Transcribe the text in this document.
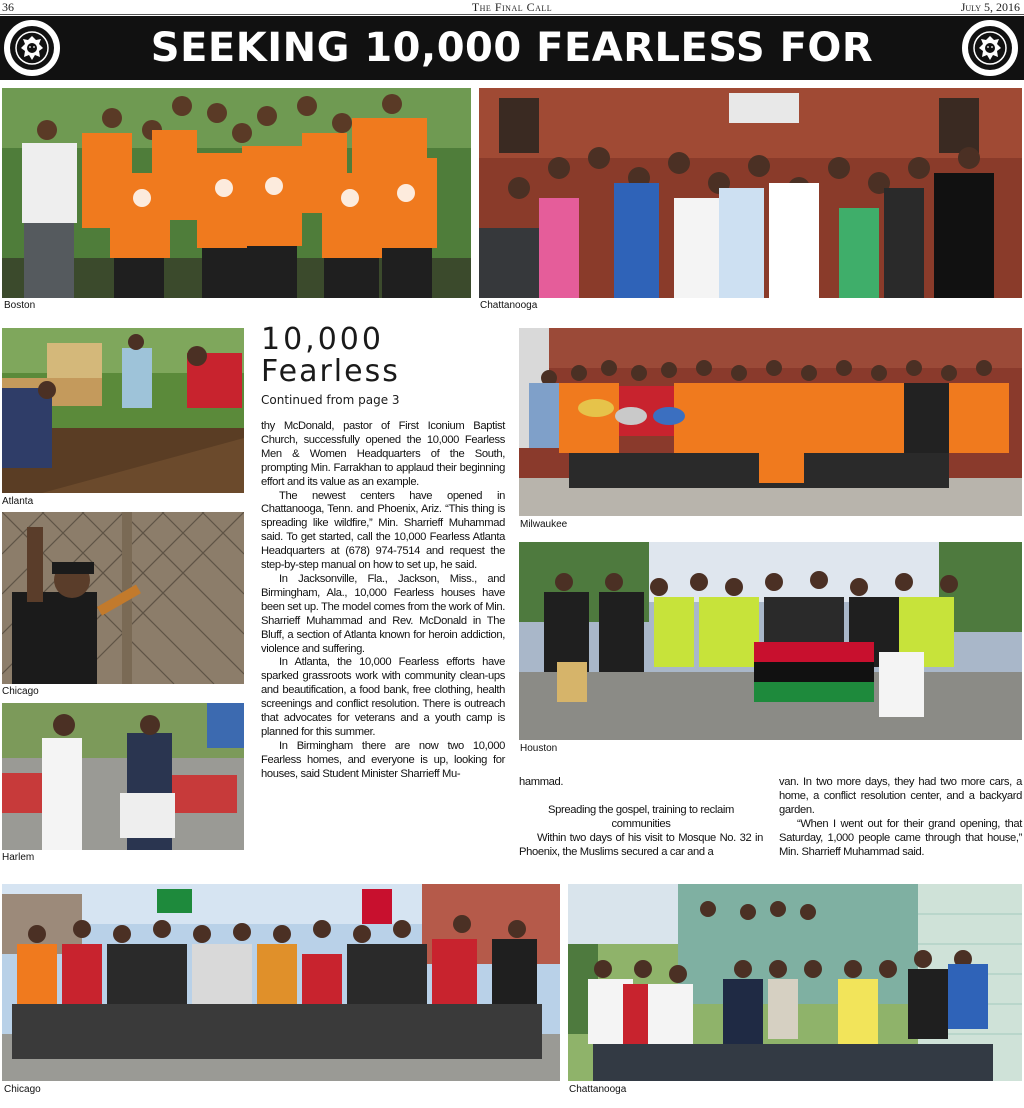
36	The Final Call	July 5, 2016
SEEKING 10,000 FEARLESS FOR
Boston	Chattanooga
Atlanta
Chicago
Harlem
10,000
Fearless
Continued from page 3

thy McDonald, pastor of First Iconium Baptist Church, successfully opened the 10,000 Fearless Men & Women Headquarters of the South, prompting Min. Farrakhan to applaud their beginning effort and its value as an example.

The newest centers have opened in Chattanooga, Tenn. and Phoenix, Ariz. “This thing is spreading like wildfire,” Min. Sharrieff Muhammad said. To get started, call the 10,000 Fearless Atlanta Headquarters at (678) 974-7514 and request the step-by-step manual on how to set up, he said.

In Jacksonville, Fla., Jackson, Miss., and Birmingham, Ala., 10,000 Fearless houses have been set up. The model comes from the work of Min. Sharrieff Muhammad and Rev. McDonald in The Bluff, a section of Atlanta known for heroin addiction, violence and suffering.

In Atlanta, the 10,000 Fearless efforts have sparked grassroots work with community clean-ups and beautification, a food bank, free clothing, health screenings and conflict resolution. There is outreach that advocates for veterans and a youth camp is planned for this summer.

In Birmingham there are now two 10,000 Fearless homes, and everyone is up, looking for houses, said Student Minister Sharrieff Mu-

Milwaukee
Houston

hammad.

Spreading the gospel, training to reclaim communities

Within two days of his visit to Mosque No. 32 in Phoenix, the Muslims secured a car and a

van. In two more days, they had two more cars, a home, a conflict resolution center, and a backyard garden.

“When I went out for their grand opening, that Saturday, 1,000 people came through that house,” Min. Sharrieff Muhammad said.

Chicago	Chattanooga
